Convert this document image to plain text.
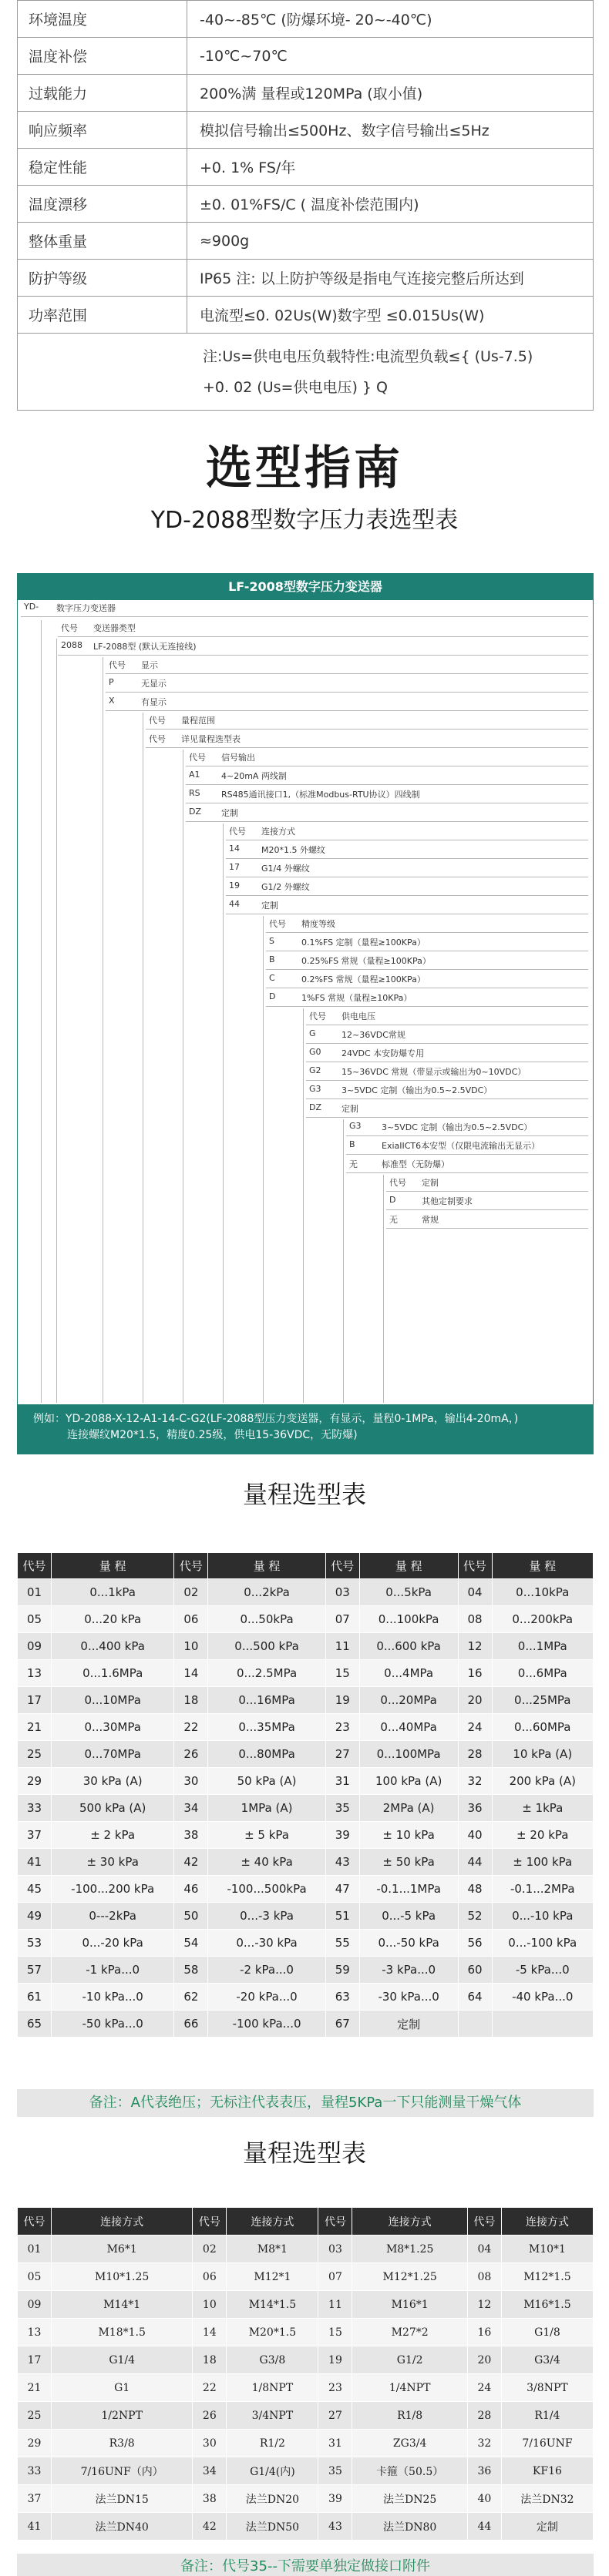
环境温度	-40~-85℃ (防爆环境- 20~-40℃)
温度补偿	-10℃~70℃
过载能力	200%满 量程或120MPa (取小值)
响应频率	模拟信号输出≤500Hz、数字信号输出≤5Hz
稳定性能	+0. 1% FS/年
温度漂移	±0. 01%FS/C ( 温度补偿范围内)
整体重量	≈900g
防护等级	IP65 注: 以上防护等级是指电气连接完整后所达到
功率范围	电流型≤0. 02Us(W)数字型 ≤0.015Us(W)

注:Us=供电电压负载特性:电流型负载≤{ (Us-7.5)
+0. 02 (Us=供电电压) } Q	
选型指南
YD-2088型数字压力表选型表
LF-2008型数字压力变送器
例如：YD-2088-X-12-A1-14-C-G2(LF-2088型压力变送器，有显示，量程0-1MPa，输出4-20mA，)
连接螺纹M20*1.5，精度0.25级，供电15-36VDC，无防爆)
YD- 数字压力变送器
代号 变送器类型
2088 LF-2088型 (默认无连接线)
代号 显示
P	无显示
X	有显示
代号 量程范围
代号 详见量程选型表
代号 信号输出
A1 4~20mA 两线制
RS RS485通讯接口1,（标准Modbus-RTU协议）四线制
DZ 定制
代号 连接方式
14	M20*1.5 外螺纹
17	G1/4 外螺纹
19	G1/2 外螺纹
44	定制
代号 精度等级
S	0.1%FS 定制（量程≥100KPa）
B	0.25%FS 常规（量程≥100KPa）
C	0.2%FS 常规（量程≥100KPa）
D	1%FS 常规（量程≥10KPa）
代号 供电电压
G	12~36VDC常规
G0 24VDC 本安防爆专用
G2 15~36VDC 常规（带显示或输出为0~10VDC）
G3 3~5VDC 定制（输出为0.5~2.5VDC）
DZ 定制
G3 3~5VDC 定制（输出为0.5~2.5VDC）
B	ExiaIICT6本安型（仅限电流输出无显示）
无	标准型（无防爆）
代号 定制
D	其他定制要求
无	常规
量程选型表
代号	量 程	代号	量 程	代号	量 程	代号	量 程
01	0...1kPa	02	0...2kPa	03	0...5kPa	04	0...10kPa
05	0...20 kPa	06	0...50kPa	07	0...100kPa	08	0...200kPa
09	0...400 kPa	10	0...500 kPa	11	0...600 kPa	12	0...1MPa
13	0...1.6MPa	14	0...2.5MPa	15	0...4MPa	16	0...6MPa
17	0...10MPa	18	0...16MPa	19	0...20MPa	20	0...25MPa
21	0...30MPa	22	0...35MPa	23	0...40MPa	24	0...60MPa
25	0...70MPa	26	0...80MPa	27	0...100MPa	28	10 kPa (A)
29	30 kPa (A)	30	50 kPa (A)	31	100 kPa (A)	32	200 kPa (A)
33	500 kPa (A)	34	1MPa (A)	35	2MPa (A)	36	± 1kPa
37	± 2 kPa	38	± 5 kPa	39	± 10 kPa	40	± 20 kPa
41	± 30 kPa	42	± 40 kPa	43	± 50 kPa	44	± 100 kPa
45	-100...200 kPa	46	-100...500kPa	47	-0.1...1MPa	48	-0.1...2MPa
49	0---2kPa	50	0...-3 kPa	51	0...-5 kPa	52	0...-10 kPa
53	0...-20 kPa	54	0...-30 kPa	55	0...-50 kPa	56	0...-100 kPa
57	-1 kPa...0	58	-2 kPa...0	59	-3 kPa...0	60	-5 kPa...0
61	-10 kPa...0	62	-20 kPa...0	63	-30 kPa...0	64	-40 kPa...0
65	-50 kPa...0	66	-100 kPa...0	67	定制		
备注：A代表绝压；无标注代表表压，量程5KPa一下只能测量干燥气体
量程选型表
代号	连接方式	代号	连接方式	代号	连接方式	代号	连接方式
01	M6*1	02	M8*1	03	M8*1.25	04	M10*1
05	M10*1.25	06	M12*1	07	M12*1.25	08	M12*1.5
09	M14*1	10	M14*1.5	11	M16*1	12	M16*1.5
13	M18*1.5	14	M20*1.5	15	M27*2	16	G1/8
17	G1/4	18	G3/8	19	G1/2	20	G3/4
21	G1	22	1/8NPT	23	1/4NPT	24	3/8NPT
25	1/2NPT	26	3/4NPT	27	R1/8	28	R1/4
29	R3/8	30	R1/2	31	ZG3/4	32	7/16UNF
33	7/16UNF（内）	34	G1/4(内)	35	卡箍（50.5）	36	KF16
37	法兰DN15	38	法兰DN20	39	法兰DN25	40	法兰DN32
41	法兰DN40	42	法兰DN50	43	法兰DN80	44	定制
备注：代号35--下需要单独定做接口附件
